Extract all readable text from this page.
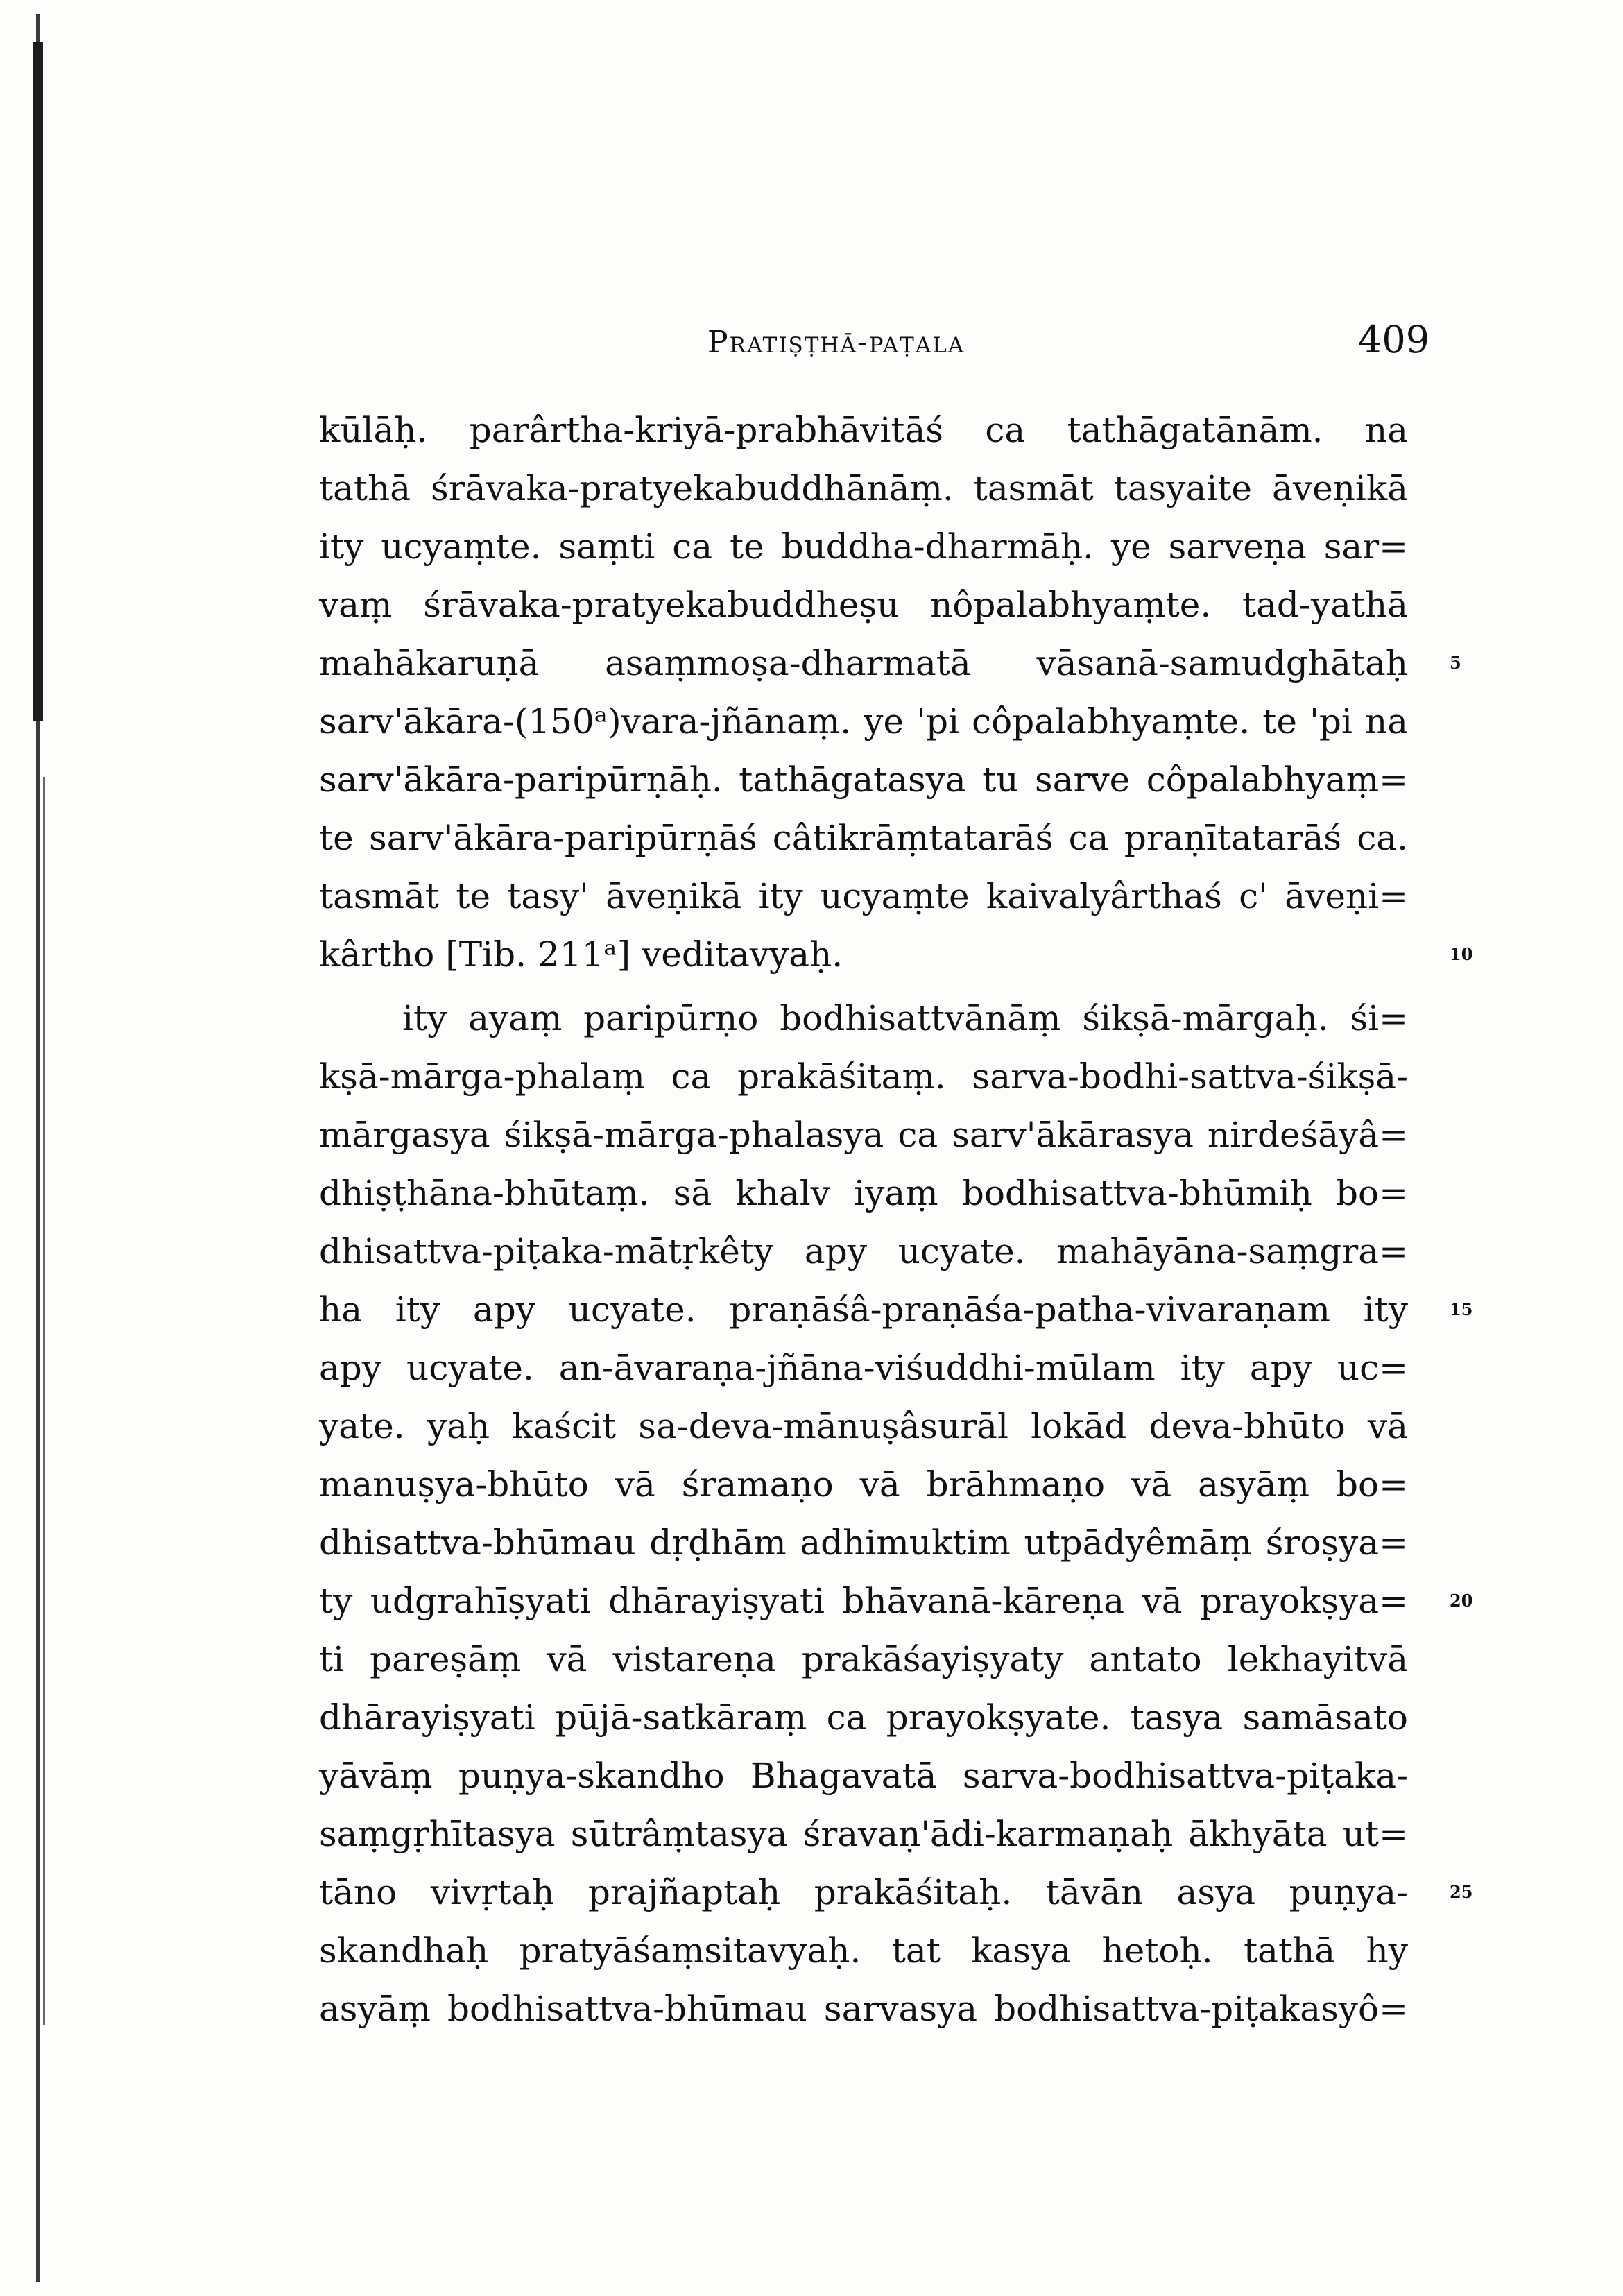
Pratiṣṭhā-paṭala	409
kūlāḥ. parârtha-kriyā-prabhāvitāś ca tathāgatānām. na
tathā śrāvaka-pratyekabuddhānāṃ. tasmāt tasyaite āveṇikā
ity ucyaṃte. saṃti ca te buddha-dharmāḥ. ye sarveṇa sar=
vaṃ śrāvaka-pratyekabuddheṣu nôpalabhyaṃte. tad-yathā
mahākaruṇā asaṃmoṣa-dharmatā vāsanā-samudghātaḥ
sarv'ākāra-(150ᵃ)vara-jñānaṃ. ye 'pi côpalabhyaṃte. te 'pi na
sarv'ākāra-paripūrṇāḥ. tathāgatasya tu sarve côpalabhyaṃ=
te sarv'ākāra-paripūrṇāś câtikrāṃtatarāś ca praṇītatarāś ca.
tasmāt te tasy' āveṇikā ity ucyaṃte kaivalyârthaś c' āveṇi=
kârtho [Tib. 211ᵃ] veditavyaḥ.
ity ayaṃ paripūrṇo bodhisattvānāṃ śikṣā-mārgaḥ. śi=
kṣā-mārga-phalaṃ ca prakāśitaṃ. sarva-bodhi-sattva-śikṣā-
mārgasya śikṣā-mārga-phalasya ca sarv'ākārasya nirdeśāyâ=
dhiṣṭhāna-bhūtaṃ. sā khalv iyaṃ bodhisattva-bhūmiḥ bo=
dhisattva-piṭaka-mātṛkêty apy ucyate. mahāyāna-saṃgra=
ha ity apy ucyate. praṇāśâ-praṇāśa-patha-vivaraṇam ity
apy ucyate. an-āvaraṇa-jñāna-viśuddhi-mūlam ity apy uc=
yate. yaḥ kaścit sa-deva-mānuṣâsurāl lokād deva-bhūto vā
manuṣya-bhūto vā śramaṇo vā brāhmaṇo vā asyāṃ bo=
dhisattva-bhūmau dṛḍhām adhimuktim utpādyêmāṃ śroṣya=
ty udgrahīṣyati dhārayiṣyati bhāvanā-kāreṇa vā prayokṣya=
ti pareṣāṃ vā vistareṇa prakāśayiṣyaty antato lekhayitvā
dhārayiṣyati pūjā-satkāraṃ ca prayokṣyate. tasya samāsato
yāvāṃ puṇya-skandho Bhagavatā sarva-bodhisattva-piṭaka-
saṃgṛhītasya sūtrâṃtasya śravaṇ'ādi-karmaṇaḥ ākhyāta ut=
tāno vivṛtaḥ prajñaptaḥ prakāśitaḥ. tāvān asya puṇya-
skandhaḥ pratyāśaṃsitavyaḥ. tat kasya hetoḥ. tathā hy
asyāṃ bodhisattva-bhūmau sarvasya bodhisattva-piṭakasyô=
5
10
15
20
25
